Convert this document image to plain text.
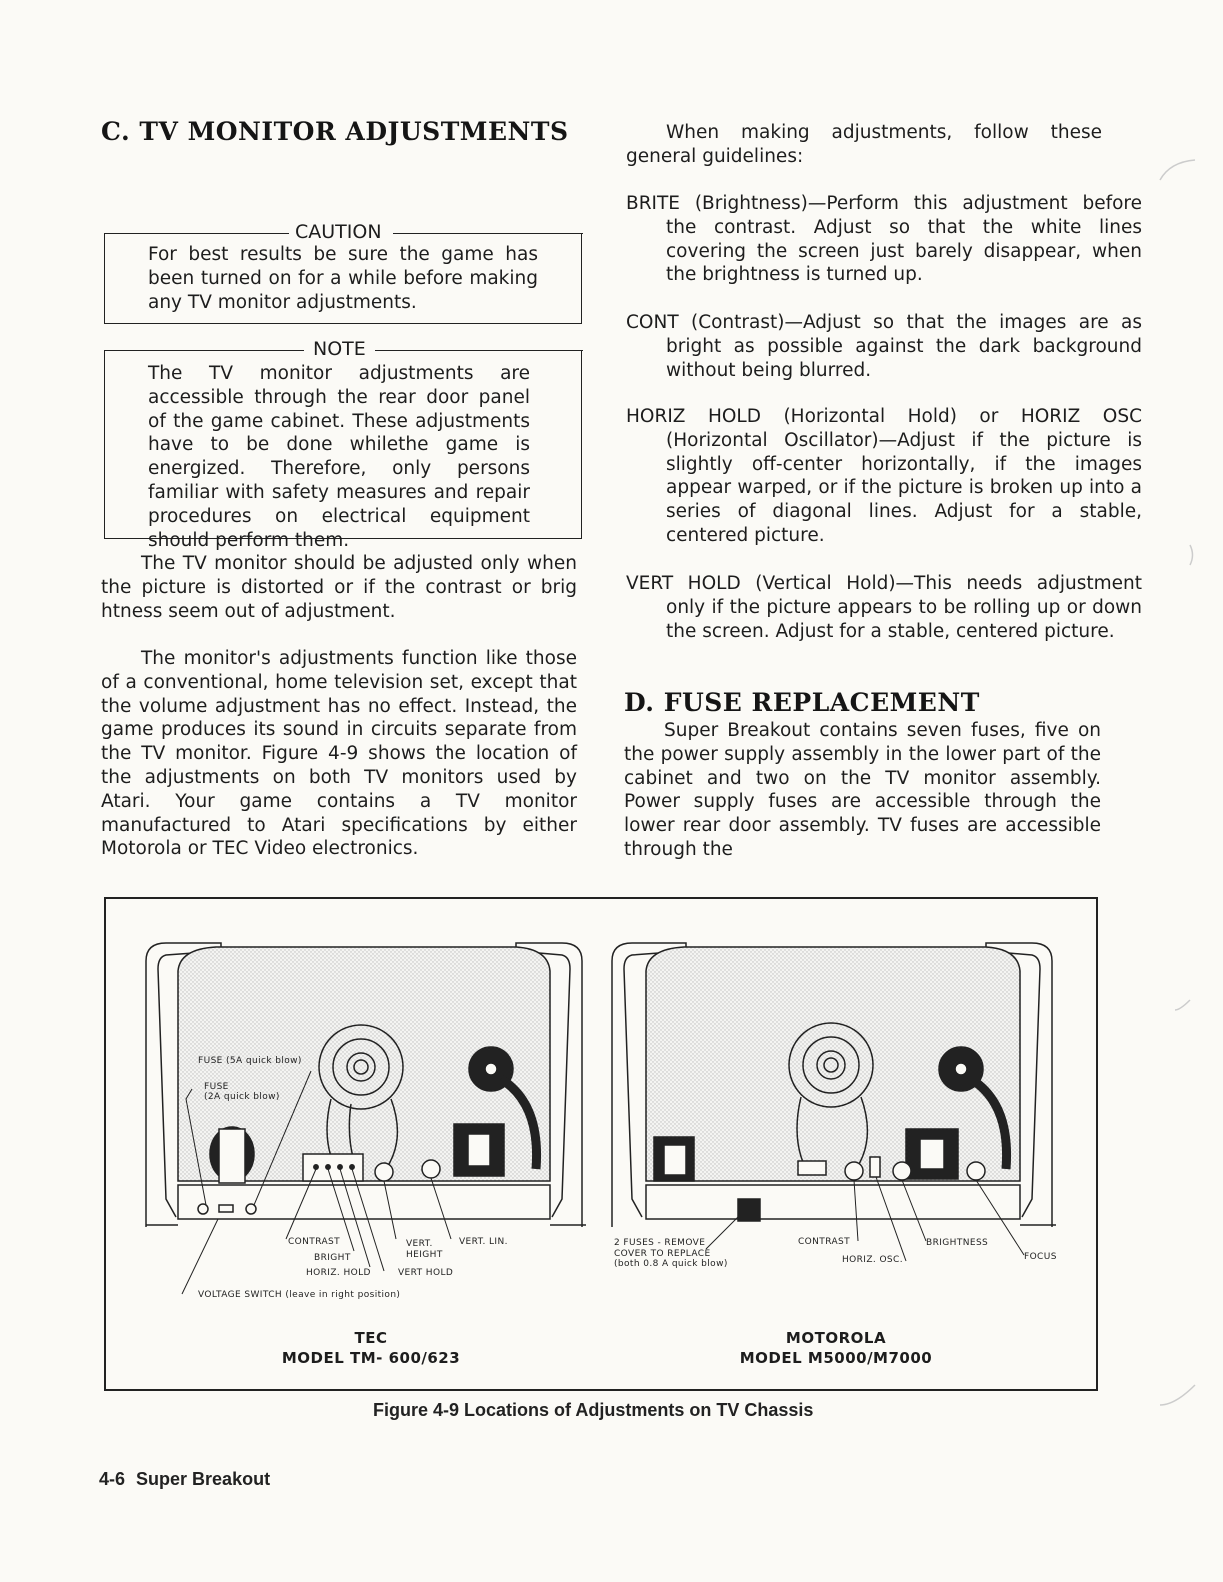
C. TV MONITOR ADJUSTMENTS
CAUTION
For best results be sure the game has been turned on for a while before making any TV monitor adjustments.
NOTE
The TV monitor adjustments are accessible through the rear door panel of the game cabinet. These adjustments have to be done whilethe game is energized. Therefore, only persons familiar with safety measures and repair procedures on electrical equipment should perform them.
The TV monitor should be adjusted only when the picture is distorted or if the contrast or brig htness seem out of adjustment.
The monitor's adjustments function like those of a conventional, home television set, except that the volume adjustment has no effect. Instead, the game produces its sound in circuits separate from the TV monitor. Figure 4-9 shows the location of the adjustments on both TV monitors used by Atari. Your game contains a TV monitor manufactured to Atari specifications by either Motorola or TEC Video electronics.
When making adjustments, follow these general guidelines:
BRITE (Brightness)—Perform this adjustment before the contrast. Adjust so that the white lines covering the screen just barely disappear, when the brightness is turned up.
CONT (Contrast)—Adjust so that the images are as bright as possible against the dark background without being blurred.
HORIZ HOLD (Horizontal Hold) or HORIZ OSC (Horizontal Oscillator)—Adjust if the picture is slightly off-center horizontally, if the images appear warped, or if the picture is broken up into a series of diagonal lines. Adjust for a stable, centered picture.
VERT HOLD (Vertical Hold)—This needs adjustment only if the picture appears to be rolling up or down the screen. Adjust for a stable, centered picture.
D. FUSE REPLACEMENT
Super Breakout contains seven fuses, five on the power supply assembly in the lower part of the cabinet and two on the TV monitor assembly. Power supply fuses are accessible through the lower rear door assembly. TV fuses are accessible through the
FUSE (5A quick blow)
FUSE
(2A quick blow)
CONTRAST
BRIGHT
HORIZ. HOLD
VERT.
HEIGHT
VERT HOLD
VERT. LIN.
VOLTAGE SWITCH (leave in right position)
TEC
MODEL TM- 600/623
2 FUSES - REMOVE
COVER TO REPLACE
(both 0.8 A quick blow)
CONTRAST
HORIZ. OSC.
BRIGHTNESS
FOCUS
MOTOROLA
MODEL M5000/M7000
Figure 4-9 Locations of Adjustments on TV Chassis
4-6 Super Breakout
